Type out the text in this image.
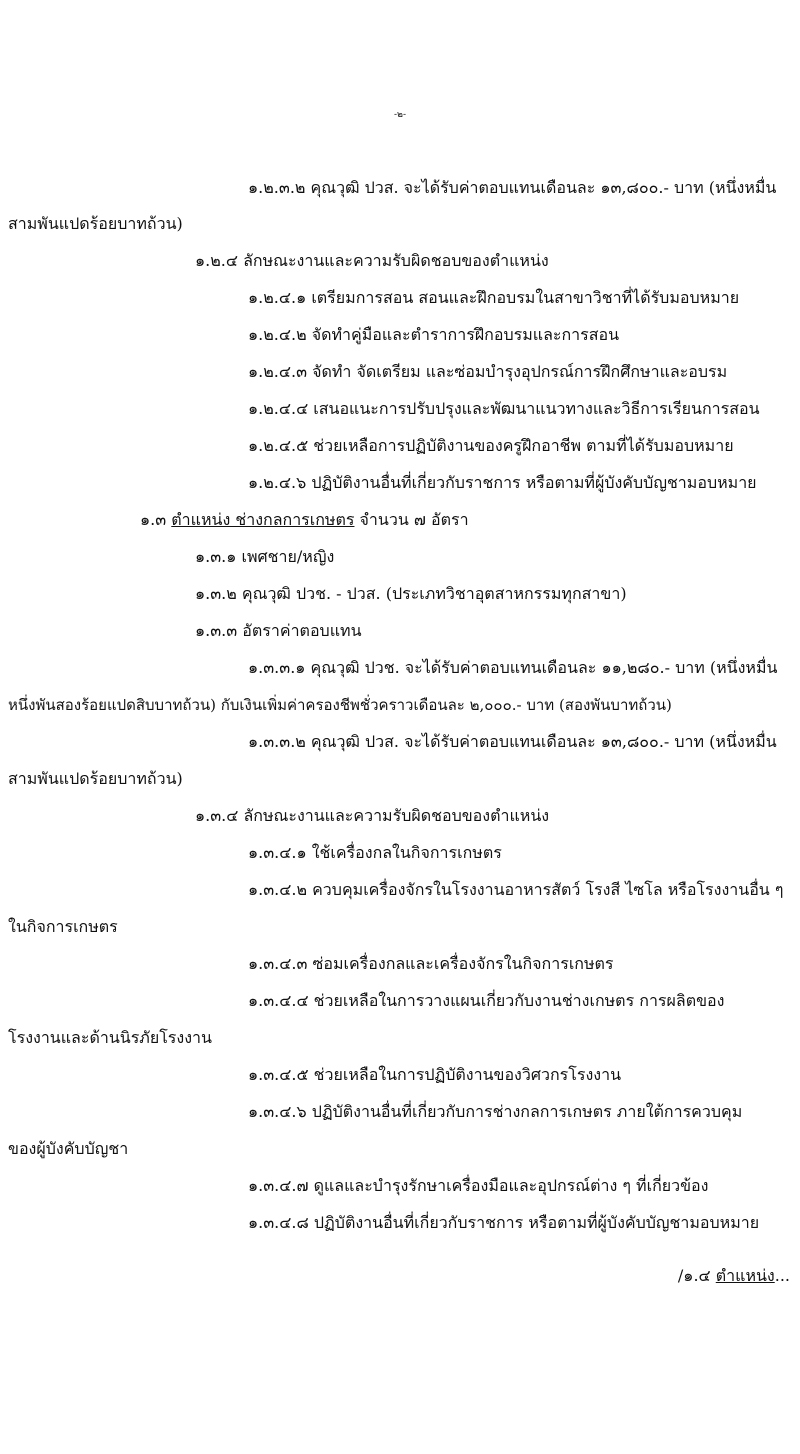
-๒-

๑.๒.๓.๒ คุณวุฒิ ปวส. จะได้รับค่าตอบแทนเดือนละ ๑๓,๘๐๐.- บาท (หนึ่งหมื่น

สามพันแปดร้อยบาทถ้วน)

๑.๒.๔ ลักษณะงานและความรับผิดชอบของตำแหน่ง

๑.๒.๔.๑ เตรียมการสอน สอนและฝึกอบรมในสาขาวิชาที่ได้รับมอบหมาย

๑.๒.๔.๒ จัดทำคู่มือและตำราการฝึกอบรมและการสอน

๑.๒.๔.๓ จัดทำ จัดเตรียม และซ่อมบำรุงอุปกรณ์การฝึกศึกษาและอบรม

๑.๒.๔.๔ เสนอแนะการปรับปรุงและพัฒนาแนวทางและวิธีการเรียนการสอน

๑.๒.๔.๕ ช่วยเหลือการปฏิบัติงานของครูฝึกอาชีพ ตามที่ได้รับมอบหมาย

๑.๒.๔.๖ ปฏิบัติงานอื่นที่เกี่ยวกับราชการ หรือตามที่ผู้บังคับบัญชามอบหมาย

๑.๓ ตำแหน่ง ช่างกลการเกษตร จำนวน ๗ อัตรา

๑.๓.๑ เพศชาย/หญิง

๑.๓.๒ คุณวุฒิ ปวช. - ปวส. (ประเภทวิชาอุตสาหกรรมทุกสาขา)

๑.๓.๓ อัตราค่าตอบแทน

๑.๓.๓.๑ คุณวุฒิ ปวช. จะได้รับค่าตอบแทนเดือนละ ๑๑,๒๘๐.- บาท (หนึ่งหมื่น

หนึ่งพันสองร้อยแปดสิบบาทถ้วน) กับเงินเพิ่มค่าครองชีพชั่วคราวเดือนละ ๒,๐๐๐.- บาท (สองพันบาทถ้วน)

๑.๓.๓.๒ คุณวุฒิ ปวส. จะได้รับค่าตอบแทนเดือนละ ๑๓,๘๐๐.- บาท (หนึ่งหมื่น

สามพันแปดร้อยบาทถ้วน)

๑.๓.๔ ลักษณะงานและความรับผิดชอบของตำแหน่ง

๑.๓.๔.๑ ใช้เครื่องกลในกิจการเกษตร

๑.๓.๔.๒ ควบคุมเครื่องจักรในโรงงานอาหารสัตว์ โรงสี ไซโล หรือโรงงานอื่น ๆ

ในกิจการเกษตร

๑.๓.๔.๓ ซ่อมเครื่องกลและเครื่องจักรในกิจการเกษตร

๑.๓.๔.๔ ช่วยเหลือในการวางแผนเกี่ยวกับงานช่างเกษตร การผลิตของ

โรงงานและด้านนิรภัยโรงงาน

๑.๓.๔.๕ ช่วยเหลือในการปฏิบัติงานของวิศวกรโรงงาน

๑.๓.๔.๖ ปฏิบัติงานอื่นที่เกี่ยวกับการช่างกลการเกษตร ภายใต้การควบคุม

ของผู้บังคับบัญชา

๑.๓.๔.๗ ดูแลและบำรุงรักษาเครื่องมือและอุปกรณ์ต่าง ๆ ที่เกี่ยวข้อง

๑.๓.๔.๘ ปฏิบัติงานอื่นที่เกี่ยวกับราชการ หรือตามที่ผู้บังคับบัญชามอบหมาย

/๑.๔ ตำแหน่ง...
